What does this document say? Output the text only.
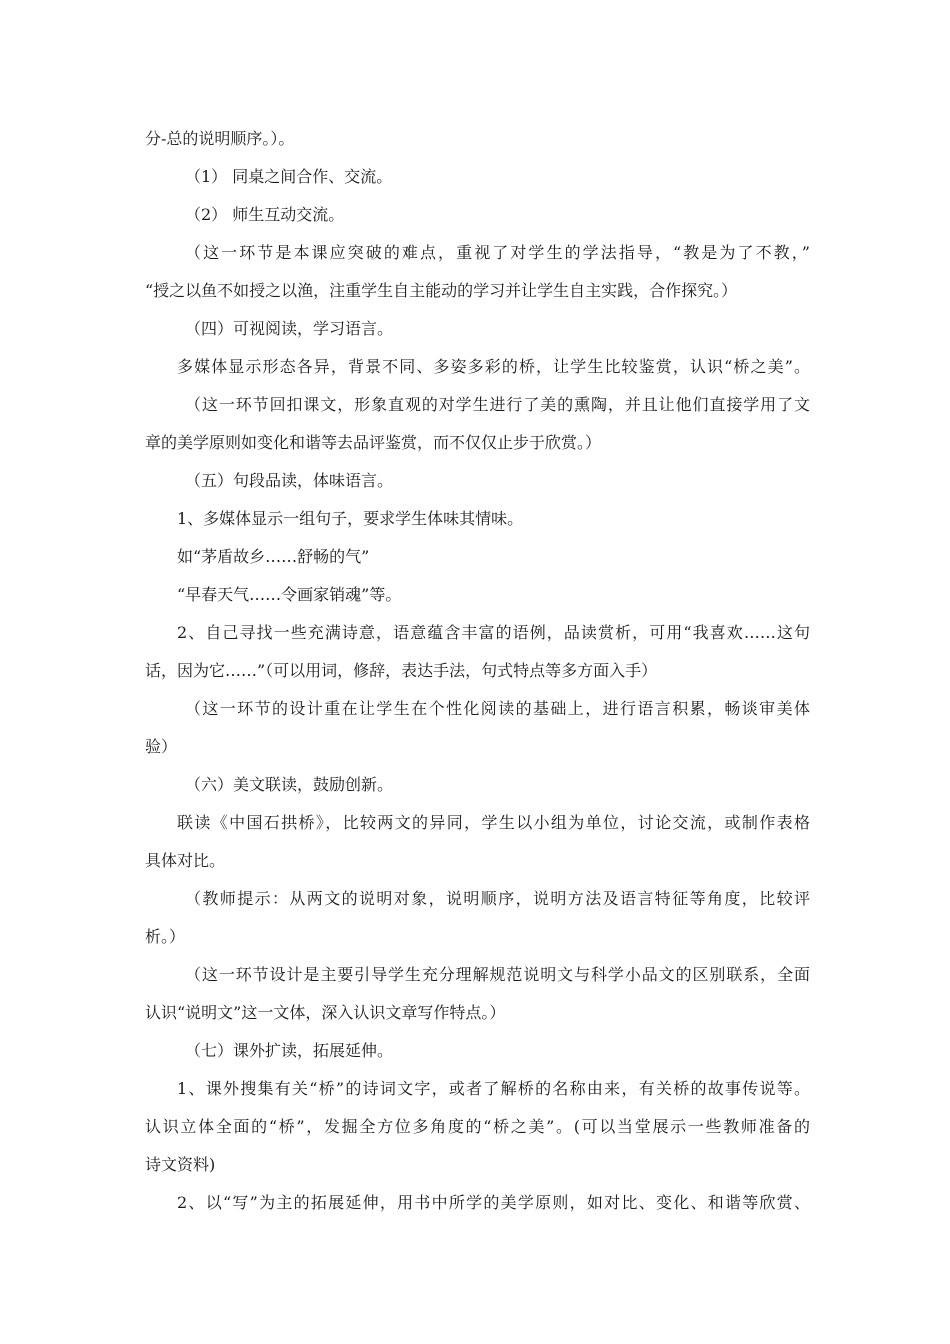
分-总的说明顺序。）。
（1） 同桌之间合作、交流。
（2） 师生互动交流。
（这一环节是本课应突破的难点，重视了对学生的学法指导，“教是为了不教，”
“授之以鱼不如授之以渔，注重学生自主能动的学习并让学生自主实践，合作探究。）
（四）可视阅读，学习语言。
多媒体显示形态各异，背景不同、多姿多彩的桥，让学生比较鉴赏，认识“桥之美”。
（这一环节回扣课文，形象直观的对学生进行了美的熏陶，并且让他们直接学用了文
章的美学原则如变化和谐等去品评鉴赏，而不仅仅止步于欣赏。）
（五）句段品读，体味语言。
1、多媒体显示一组句子，要求学生体味其情味。
如“茅盾故乡……舒畅的气”
“早春天气……令画家销魂”等。
2、自己寻找一些充满诗意，语意蕴含丰富的语例，品读赏析，可用“我喜欢……这句
话，因为它……”（可以用词，修辞，表达手法，句式特点等多方面入手）
（这一环节的设计重在让学生在个性化阅读的基础上，进行语言积累，畅谈审美体
验）
（六）美文联读，鼓励创新。
联读《中国石拱桥》，比较两文的异同，学生以小组为单位，讨论交流，或制作表格
具体对比。
（教师提示：从两文的说明对象，说明顺序，说明方法及语言特征等角度，比较评
析。）
（这一环节设计是主要引导学生充分理解规范说明文与科学小品文的区别联系，全面
认识“说明文”这一文体，深入认识文章写作特点。）
（七）课外扩读，拓展延伸。
1、课外搜集有关“桥”的诗词文字，或者了解桥的名称由来，有关桥的故事传说等。
认识立体全面的“桥”，发掘全方位多角度的“桥之美”。(可以当堂展示一些教师准备的
诗文资料)
2、以“写”为主的拓展延伸，用书中所学的美学原则，如对比、变化、和谐等欣赏、
